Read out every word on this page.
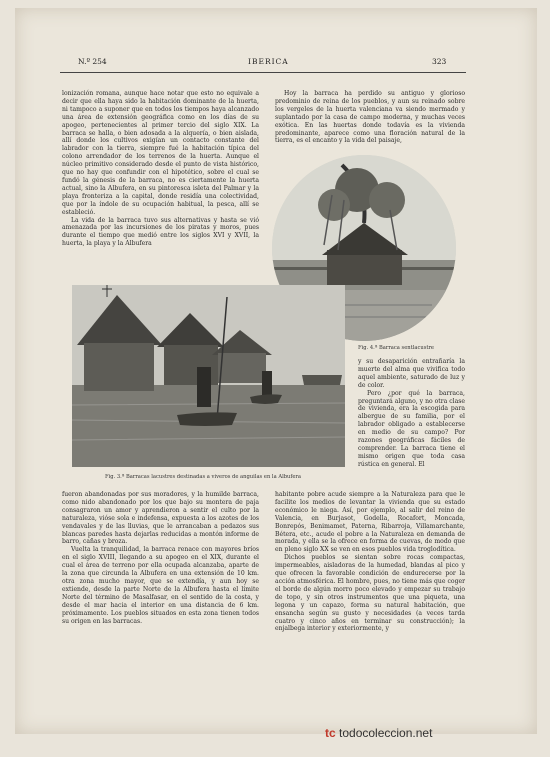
N.º 254	IBERICA	323

lonización romana, aunque hace notar que esto no equivale a decir que ella haya sido la habitación dominante de la huerta, ni tampoco a suponer que en todos los tiempos haya alcanzado una área de extensión geográfica como en los días de su apogeo, pertenecientes al primer tercio del siglo XIX. La barraca se halla, o bien adosada a la alquería, o bien aislada, allí donde los cultivos exigían un contacto constante del labrador con la tierra, siempre fué la habitación típica del colono arrendador de los terrenos de la huerta. Aunque el núcleo primitivo considerado desde el punto de vista histórico, que no hay que confundir con el hipotético, sobre el cual se fundó la génesis de la barraca, no es ciertamente la huerta actual, sino la Albufera, en su pintoresca isleta del Palmar y la playa fronteriza a la capital, donde residía una colectividad, que por la índole de su ocupación habitual, la pesca, allí se estableció.

La vida de la barraca tuvo sus alternativas y hasta se vió amenazada por las incursiones de los piratas y moros, pues durante el tiempo que medió entre los siglos XVI y XVII, la huerta, la playa y la Albufera

Hoy la barraca ha perdido su antiguo y glorioso predominio de reina de los pueblos, y aun su reinado sobre los vergeles de la huerta valenciana va siendo mermado y suplantado por la casa de campo moderna, y muchas veces exótica. En las huertas donde todavía es la vivienda predominante, aparece como una floración natural de la tierra, es el encanto y la vida del paisaje,

Fig. 4.ª Barraca sentlacustre

y su desaparición entrañaría la muerte del alma que vivifica todo aquel ambiente, saturado de luz y de color.

Pero ¿por qué la barraca, preguntará alguno, y no otra clase de vivienda, era la escogida para albergue de su familia, por el labrador obligado a establecerse en medio de su campo? Por razones geográficas fáciles de comprender. La barraca tiene el mismo origen que toda casa rústica en general. El

Fig. 3.ª Barracas lacustres destinadas a viveros de anguilas en la Albufera

fueron abandonadas por sus moradores, y la humilde barraca, como nido abandonado por los que bajo su montera de paja consagraron un amor y aprendieron a sentir el culto por la naturaleza, vióse sola e indefensa, expuesta a los azotes de los vendavales y de las lluvias, que le arrancaban a pedazos sus blancas paredes hasta dejarlas reducidas a montón informe de barro, cañas y broza.

Vuelta la tranquilidad, la barraca renace con mayores bríos en el siglo XVIII, llegando a su apogeo en el XIX, durante el cual el área de terreno por ella ocupada alcanzaba, aparte de la zona que circunda la Albufera en una extensión de 10 km. otra zona mucho mayor, que se extendía, y aun hoy se extiende, desde la parte Norte de la Albufera hasta el límite Norte del término de Masalfasar, en el sentido de la costa, y desde el mar hacia el interior en una distancia de 6 km. próximamente. Los pueblos situados en esta zona tienen todos su origen en las barracas.

habitante pobre acude siempre a la Naturaleza para que le facilite los medios de levantar la vivienda que su estado económico le niega. Así, por ejemplo, al salir del reino de Valencia, en Burjasot, Godella, Rocafort, Moncada, Bonrepós, Benimamet, Paterna, Ribarroja, Villamarchante, Bétera, etc., acude el pobre a la Naturaleza en demanda de morada, y ella se la ofrece en forma de cuevas, de modo que en pleno siglo XX se ven en esos pueblos vida troglodítica.

Dichos pueblos se sientan sobre rocas compactas, impermeables, aisladoras de la humedad, blandas al pico y que ofrecen la favorable condición de endurecerse por la acción atmosférica. El hombre, pues, no tiene más que coger el borde de algún morro poco elevado y empezar su trabajo de topo, y sin otros instrumentos que una piqueta, una legona y un capazo, forma su natural habitación, que ensancha según su gusto y necesidades (a veces tarda cuatro y cinco años en terminar su construcción); la enjalbega interior y exteriormente, y

tc todocoleccion.net
